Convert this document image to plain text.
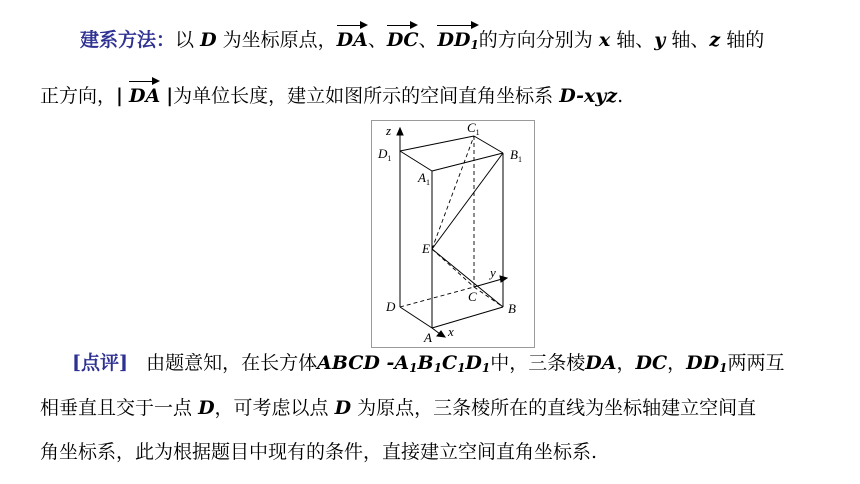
建系方法：以 D 为坐标原点，DA、DC、$DD_1$的方向分别为 x 轴、y 轴、z 轴的
正方向，| DA |为单位长度，建立如图所示的空间直角坐标系 D-xyz.
z
$D_1$
$C_1$
$B_1$
$A_1$
E
y
C
D	B
A x
[点评] 由题意知，在长方体ABCD $-A_1B_1C_1D_1$中，三条棱DA，DC，$DD_1$两两互
相垂直且交于一点 D，可考虑以点 D 为原点，三条棱所在的直线为坐标轴建立空间直
角坐标系，此为根据题目中现有的条件，直接建立空间直角坐标系.
